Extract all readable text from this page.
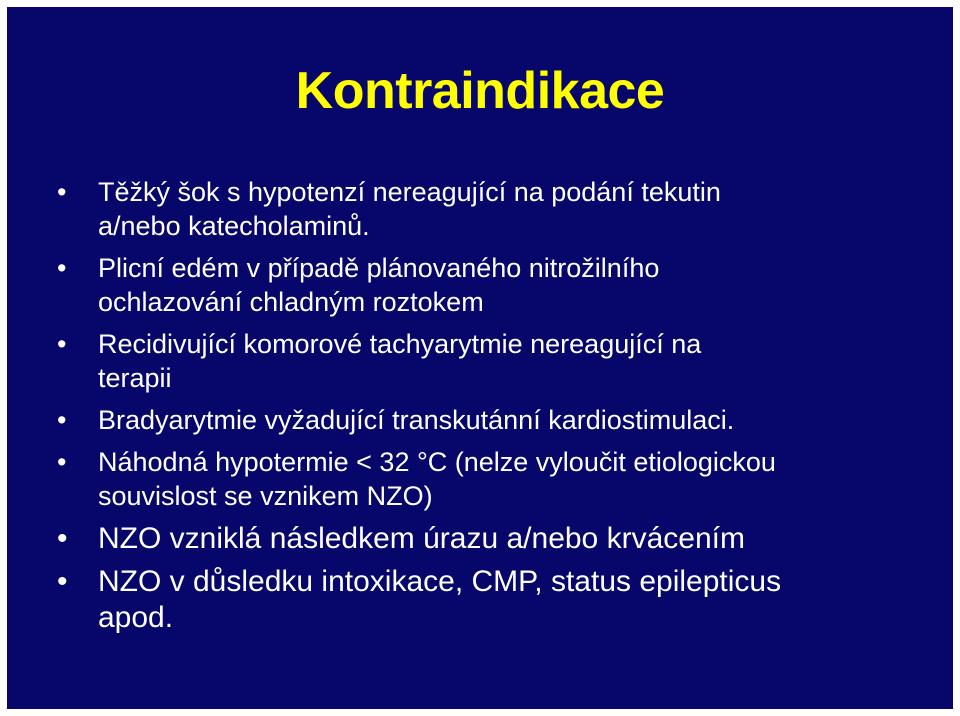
Kontraindikace
• Těžký šok s hypotenzí nereagující na podání tekutin
a/nebo katecholaminů.
• Plicní edém v případě plánovaného nitrožilního
ochlazování chladným roztokem
• Recidivující komorové tachyarytmie nereagující na
terapii
• Bradyarytmie vyžadující transkutánní kardiostimulaci.
• Náhodná hypotermie < 32 °C (nelze vyloučit etiologickou
souvislost se vznikem NZO)
• NZO vzniklá následkem úrazu a/nebo krvácením
• NZO v důsledku intoxikace, CMP, status epilepticus
apod.
